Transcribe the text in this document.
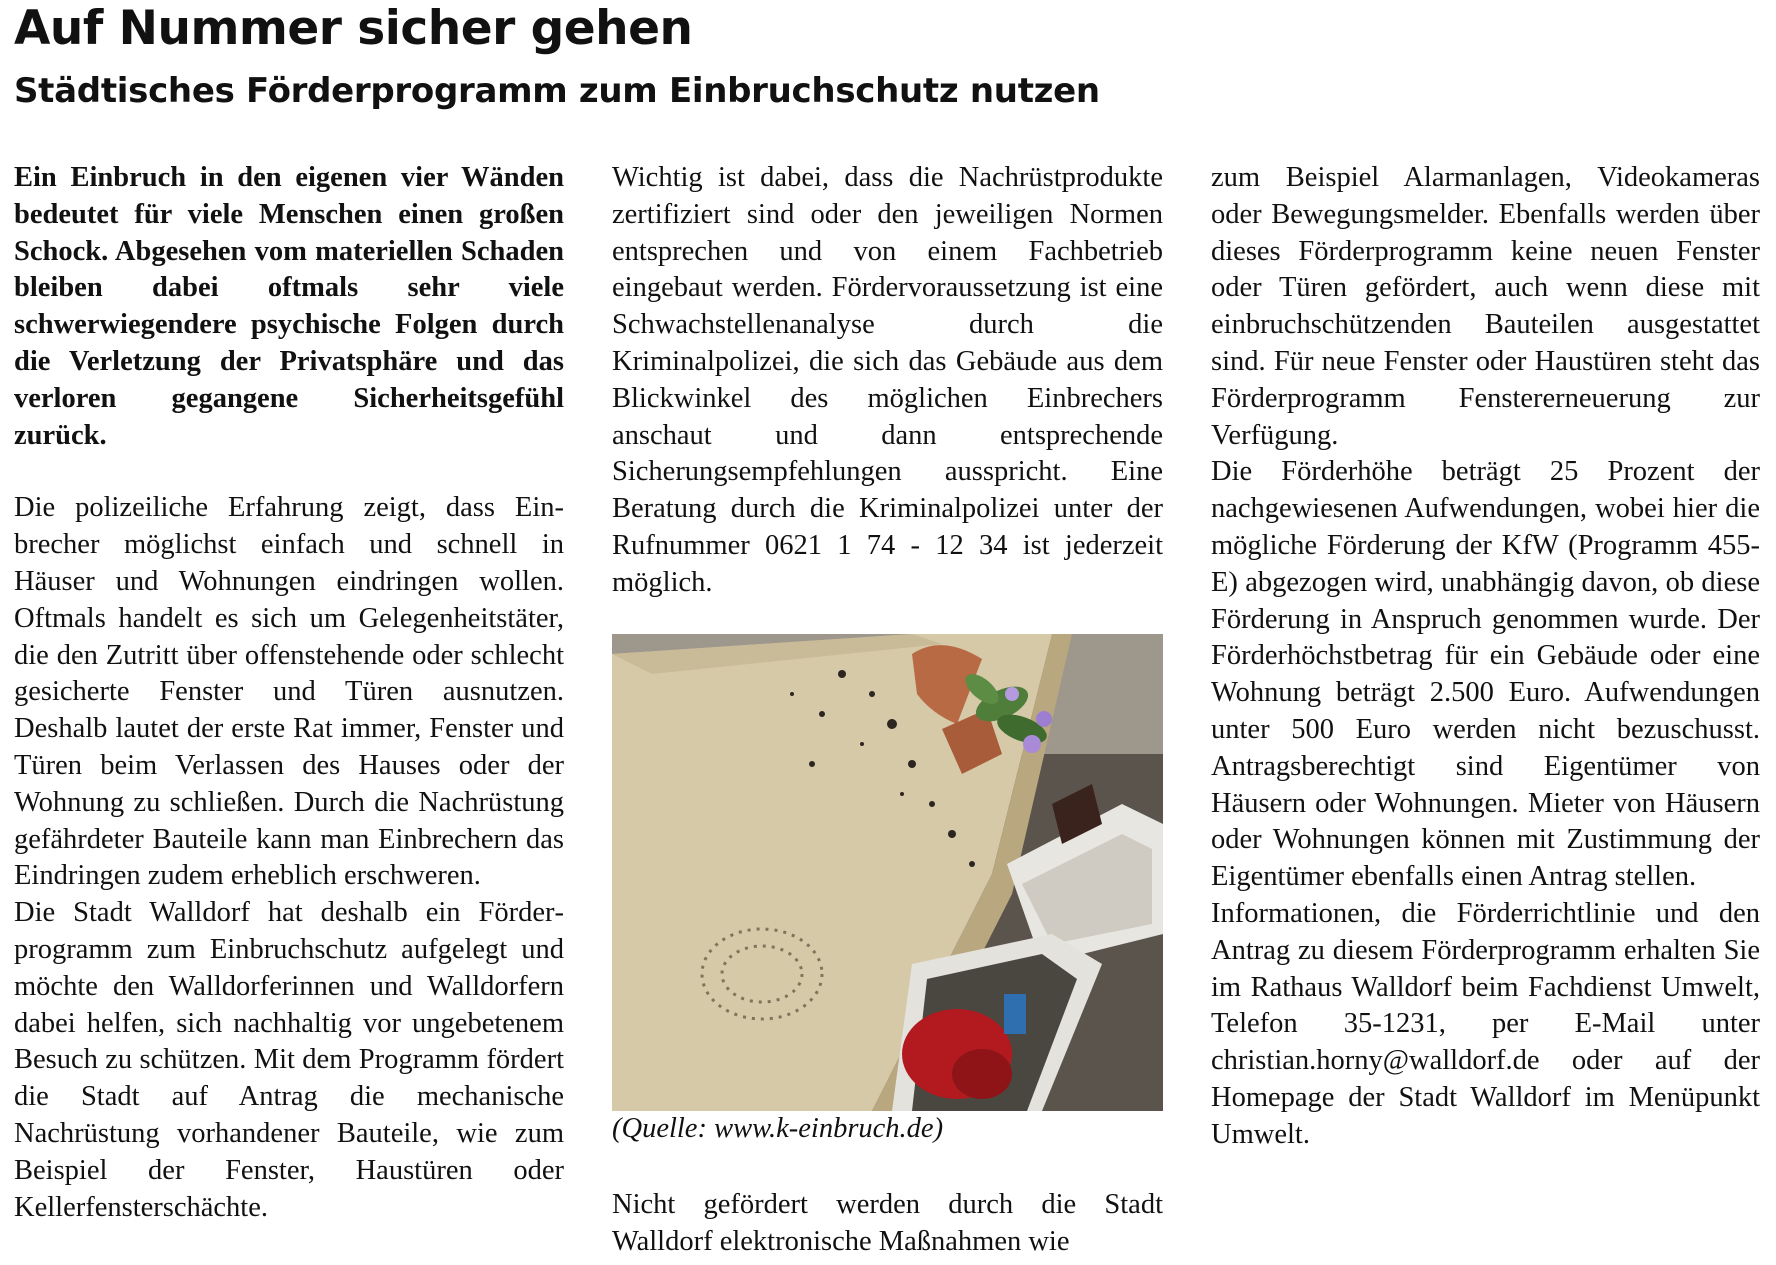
Auf Nummer sicher gehen
Städtisches Förderprogramm zum Einbruchschutz nutzen

Ein Einbruch in den eigenen vier Wänden bedeutet für viele Menschen einen großen Schock. Abgesehen vom materiellen Schaden bleiben dabei oftmals sehr viele schwerwiegendere psychische Folgen durch die Verletzung der Privatsphäre und das verloren gegangene Sicherheitsgefühl zurück.

Die polizeiliche Erfahrung zeigt, dass Einbrecher möglichst einfach und schnell in Häuser und Wohnungen eindringen wollen. Oftmals handelt es sich um Gelegenheitstäter, die den Zutritt über offenstehende oder schlecht gesicherte Fenster und Türen ausnutzen. Deshalb lautet der erste Rat immer, Fenster und Türen beim Verlassen des Hauses oder der Wohnung zu schließen. Durch die Nachrüstung gefährdeter Bauteile kann man Einbrechern das Eindringen zudem erheblich erschweren.

Die Stadt Walldorf hat deshalb ein Förderprogramm zum Einbruchschutz aufgelegt und möchte den Walldorferinnen und Walldorfern dabei helfen, sich nachhaltig vor ungebetenem Besuch zu schützen. Mit dem Programm fördert die Stadt auf Antrag die mechanische Nachrüstung vorhandener Bauteile, wie zum Beispiel der Fenster, Haustüren oder Kellerfensterschächte.

Wichtig ist dabei, dass die Nachrüstprodukte zertifiziert sind oder den jeweiligen Normen entsprechen und von einem Fachbetrieb eingebaut werden. Fördervoraussetzung ist eine Schwachstellenanalyse durch die Kriminalpolizei, die sich das Gebäude aus dem Blickwinkel des möglichen Einbrechers anschaut und dann entsprechende Sicherungsempfehlungen ausspricht. Eine Beratung durch die Kriminalpolizei unter der Rufnummer 0621 1 74 - 12 34 ist jederzeit möglich.

(Quelle: www.k-einbruch.de)

Nicht gefördert werden durch die Stadt Walldorf elektronische Maßnahmen wie

zum Beispiel Alarmanlagen, Videokameras oder Bewegungsmelder. Ebenfalls werden über dieses Förderprogramm keine neuen Fenster oder Türen gefördert, auch wenn diese mit einbruchschützenden Bauteilen ausgestattet sind. Für neue Fenster oder Haustüren steht das Förderprogramm Fenstererneuerung zur Verfügung.

Die Förderhöhe beträgt 25 Prozent der nachgewiesenen Aufwendungen, wobei hier die mögliche Förderung der KfW (Programm 455-E) abgezogen wird, unabhängig davon, ob diese Förderung in Anspruch genommen wurde. Der Förderhöchstbetrag für ein Gebäude oder eine Wohnung beträgt 2.500 Euro. Aufwendungen unter 500 Euro werden nicht bezuschusst. Antragsberechtigt sind Eigentümer von Häusern oder Wohnungen. Mieter von Häusern oder Wohnungen können mit Zustimmung der Eigentümer ebenfalls einen Antrag stellen.

Informationen, die Förderrichtlinie und den Antrag zu diesem Förderprogramm erhalten Sie im Rathaus Walldorf beim Fachdienst Umwelt, Telefon 35-1231, per E-Mail unter christian.horny@walldorf.de oder auf der Homepage der Stadt Walldorf im Menüpunkt Umwelt.
